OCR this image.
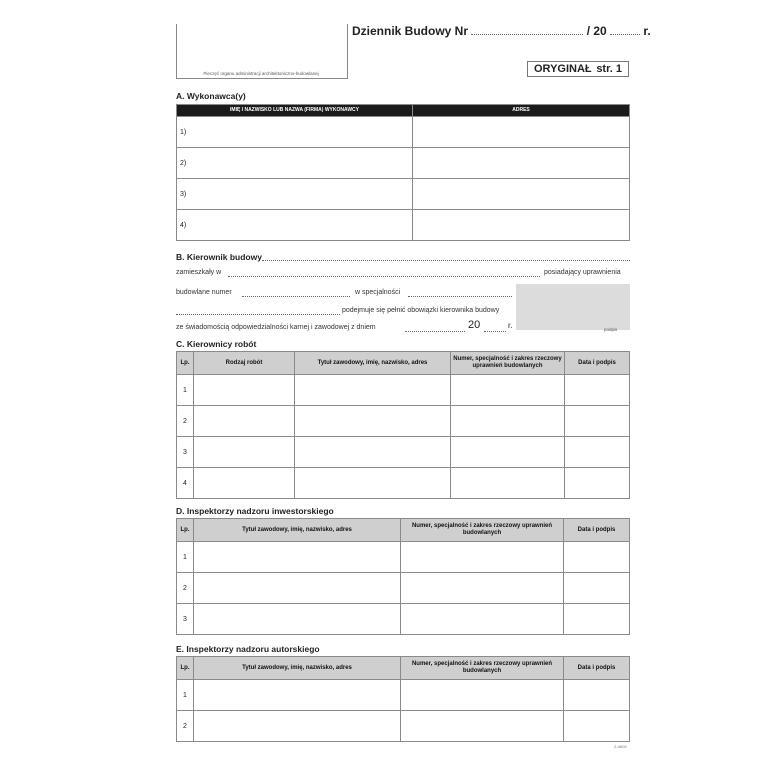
Pieczęć organu administracji architektoniczno-budowlanej
Dziennik Budowy Nr	/ 20	r.
ORYGINAŁ str. 1
A. Wykonawca(y)
IMIĘ I NAZWISKO LUB NAZWA (FIRMA) WYKONAWCY	ADRES
1)	
2)	
3)	
4)	
B. Kierownik budowy
zamieszkały w	posiadający uprawnienia
budowlane numer	w specjalności
podejmuje się pełnić obowiązki kierownika budowy
ze świadomością odpowiedzialności karnej i zawodowej z dniem	20	r.	podpis
C. Kierownicy robót
Lp.	Rodzaj robót	Tytuł zawodowy, imię, nazwisko, adres	Numer, specjalność i zakres rzeczowy uprawnień budowlanych	Data i podpis
1				
2				
3				
4				
D. Inspektorzy nadzoru inwestorskiego
Lp.	Tytuł zawodowy, imię, nazwisko, adres	Numer, specjalność i zakres rzeczowy uprawnień budowlanych	Data i podpis
1			
2			
3			
E. Inspektorzy nadzoru autorskiego
Lp.	Tytuł zawodowy, imię, nazwisko, adres	Numer, specjalność i zakres rzeczowy uprawnień budowlanych	Data i podpis
1			
2			
Z-460/I
